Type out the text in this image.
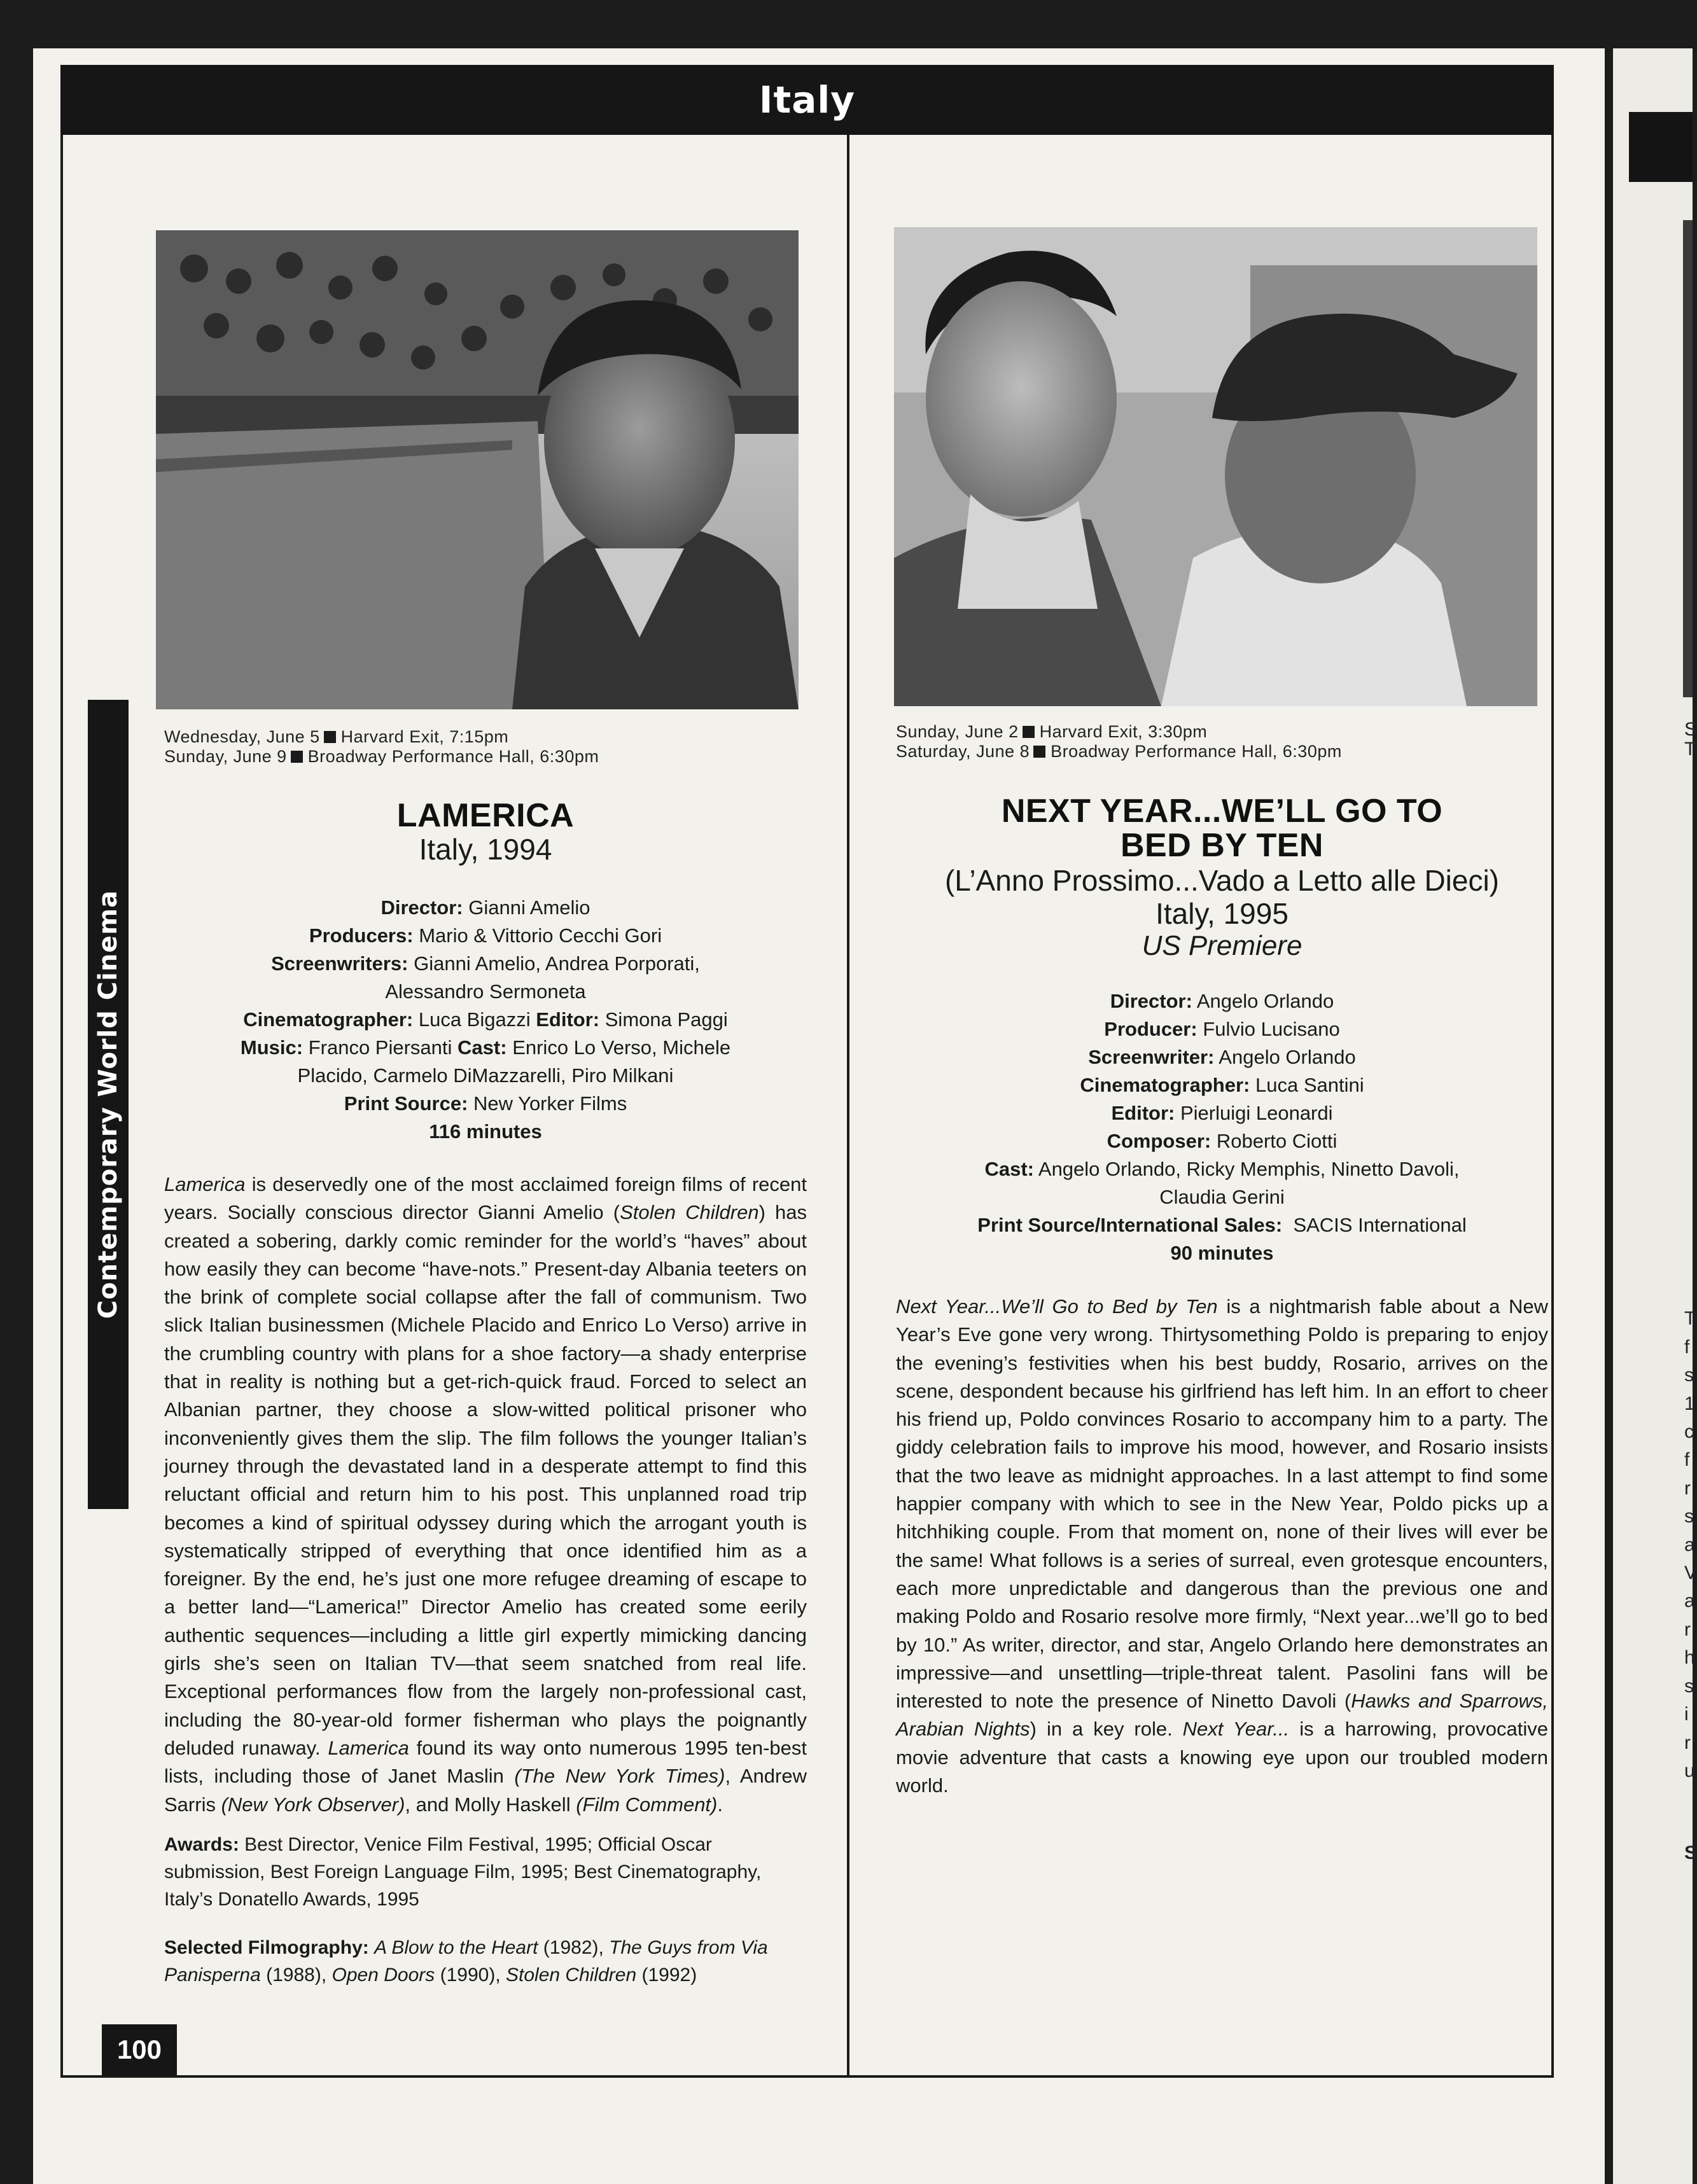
S
T
T
f
s
1
c
f
r
s
a
V
a
r
h
s
i
r
u
S
Italy
Contemporary World Cinema
100
Wednesday, June 5 Harvard Exit, 7:15pm
Sunday, June 9 Broadway Performance Hall, 6:30pm
LAMERICA
Italy, 1994
Director: Gianni Amelio
Producers: Mario & Vittorio Cecchi Gori
Screenwriters: Gianni Amelio, Andrea Porporati,
Alessandro Sermoneta
Cinematographer: Luca Bigazzi Editor: Simona Paggi
Music: Franco Piersanti Cast: Enrico Lo Verso, Michele
Placido, Carmelo DiMazzarelli, Piro Milkani
Print Source: New Yorker Films
116 minutes

Lamerica is deservedly one of the most acclaimed foreign films of recent years. Socially conscious director Gianni Amelio (Stolen Children) has created a sobering, darkly comic reminder for the world’s “haves” about how easily they can become “have-nots.” Present-day Albania teeters on the brink of complete social collapse after the fall of communism. Two slick Italian businessmen (Michele Placido and Enrico Lo Verso) arrive in the crumbling country with plans for a shoe factory—a shady enterprise that in reality is nothing but a get-rich-quick fraud. Forced to select an Albanian partner, they choose a slow-witted political prisoner who inconveniently gives them the slip. The film follows the younger Italian’s journey through the devastated land in a desperate attempt to find this reluctant official and return him to his post. This unplanned road trip becomes a kind of spiritual odyssey during which the arrogant youth is systematically stripped of everything that once identified him as a foreigner. By the end, he’s just one more refugee dreaming of escape to a better land—“Lamerica!” Director Amelio has created some eerily authentic sequences—including a little girl expertly mimicking dancing girls she’s seen on Italian TV—that seem snatched from real life. Exceptional performances flow from the largely non-professional cast, including the 80-year-old former fisherman who plays the poignantly deluded runaway. Lamerica found its way onto numerous 1995 ten-best lists, including those of Janet Maslin (The New York Times), Andrew Sarris (New York Observer), and Molly Haskell (Film Comment).

Awards: Best Director, Venice Film Festival, 1995; Official Oscar submission, Best Foreign Language Film, 1995; Best Cinematography, Italy’s Donatello Awards, 1995

Selected Filmography: A Blow to the Heart (1982), The Guys from Via Panisperna (1988), Open Doors (1990), Stolen Children (1992)

Sunday, June 2 Harvard Exit, 3:30pm
Saturday, June 8 Broadway Performance Hall, 6:30pm
NEXT YEAR...WE’LL GO TO
BED BY TEN
(L’Anno Prossimo...Vado a Letto alle Dieci)
Italy, 1995
US Premiere
Director: Angelo Orlando
Producer: Fulvio Lucisano
Screenwriter: Angelo Orlando
Cinematographer: Luca Santini
Editor: Pierluigi Leonardi
Composer: Roberto Ciotti
Cast: Angelo Orlando, Ricky Memphis, Ninetto Davoli,
Claudia Gerini
Print Source/International Sales: SACIS International
90 minutes

Next Year...We’ll Go to Bed by Ten is a nightmarish fable about a New Year’s Eve gone very wrong. Thirtysomething Poldo is preparing to enjoy the evening’s festivities when his best buddy, Rosario, arrives on the scene, despondent because his girlfriend has left him. In an effort to cheer his friend up, Poldo convinces Rosario to accompany him to a party. The giddy celebration fails to improve his mood, however, and Rosario insists that the two leave as midnight approaches. In a last attempt to find some happier company with which to see in the New Year, Poldo picks up a hitchhiking couple. From that moment on, none of their lives will ever be the same! What follows is a series of surreal, even grotesque encounters, each more unpredictable and dangerous than the previous one and making Poldo and Rosario resolve more firmly, “Next year...we’ll go to bed by 10.” As writer, director, and star, Angelo Orlando here demonstrates an impressive—and unsettling—triple-threat talent. Pasolini fans will be interested to note the presence of Ninetto Davoli (Hawks and Sparrows, Arabian Nights) in a key role. Next Year... is a harrowing, provocative movie adventure that casts a knowing eye upon our troubled modern world.
